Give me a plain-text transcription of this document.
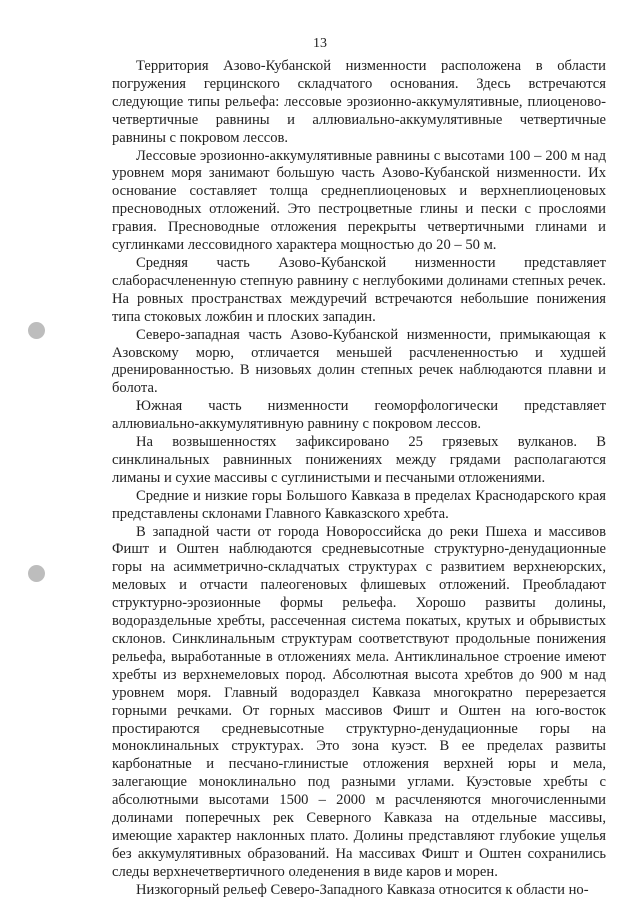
13

Территория Азово-Кубанской низменности расположена в области погружения герцинского складчатого основания. Здесь встречаются следующие типы рельефа: лессовые эрозионно-аккумулятивные, плиоценово-четвертичные равнины и аллювиально-аккумулятивные четвертичные равнины с покровом лессов.

Лессовые эрозионно-аккумулятивные равнины с высотами 100 – 200 м над уровнем моря занимают большую часть Азово-Кубанской низменности. Их основание составляет толща среднеплиоценовых и верхнеплиоценовых пресноводных отложений. Это пестроцветные глины и пески с прослоями гравия. Пресноводные отложения перекрыты четвертичными глинами и суглинками лессовидного характера мощностью до 20 – 50 м.

Средняя часть Азово-Кубанской низменности представляет слаборасчлененную степную равнину с неглубокими долинами степных речек. На ровных пространствах междуречий встречаются небольшие понижения типа стоковых ложбин и плоских западин.

Северо-западная часть Азово-Кубанской низменности, примыкающая к Азовскому морю, отличается меньшей расчлененностью и худшей дренированностью. В низовьях долин степных речек наблюдаются плавни и болота.

Южная часть низменности геоморфологически представляет аллювиально-аккумулятивную равнину с покровом лессов.

На возвышенностях зафиксировано 25 грязевых вулканов. В синклинальных равнинных понижениях между грядами располагаются лиманы и сухие массивы с суглинистыми и песчаными отложениями.

Средние и низкие горы Большого Кавказа в пределах Краснодарского края представлены склонами Главного Кавказского хребта.

В западной части от города Новороссийска до реки Пшеха и массивов Фишт и Оштен наблюдаются средневысотные структурно-денудационные горы на асимметрично-складчатых структурах с развитием верхнеюрских, меловых и отчасти палеогеновых флишевых отложений. Преобладают структурно-эрозионные формы рельефа. Хорошо развиты долины, водораздельные хребты, рассеченная система покатых, крутых и обрывистых склонов. Синклинальным структурам соответствуют продольные понижения рельефа, выработанные в отложениях мела. Антиклинальное строение имеют хребты из верхнемеловых пород. Абсолютная высота хребтов до 900 м над уровнем моря. Главный водораздел Кавказа многократно перерезается горными речками. От горных массивов Фишт и Оштен на юго-восток простираются средневысотные структурно-денудационные горы на моноклинальных структурах. Это зона куэст. В ее пределах развиты карбонатные и песчано-глинистые отложения верхней юры и мела, залегающие моноклинально под разными углами. Куэстовые хребты с абсолютными высотами 1500 – 2000 м расчленяются многочисленными долинами поперечных рек Северного Кавказа на отдельные массивы, имеющие характер наклонных плато. Долины представляют глубокие ущелья без аккумулятивных образований. На массивах Фишт и Оштен сохранились следы верхнечетвертичного оледенения в виде каров и морен.

Низкогорный рельеф Северо-Западного Кавказа относится к области но-
